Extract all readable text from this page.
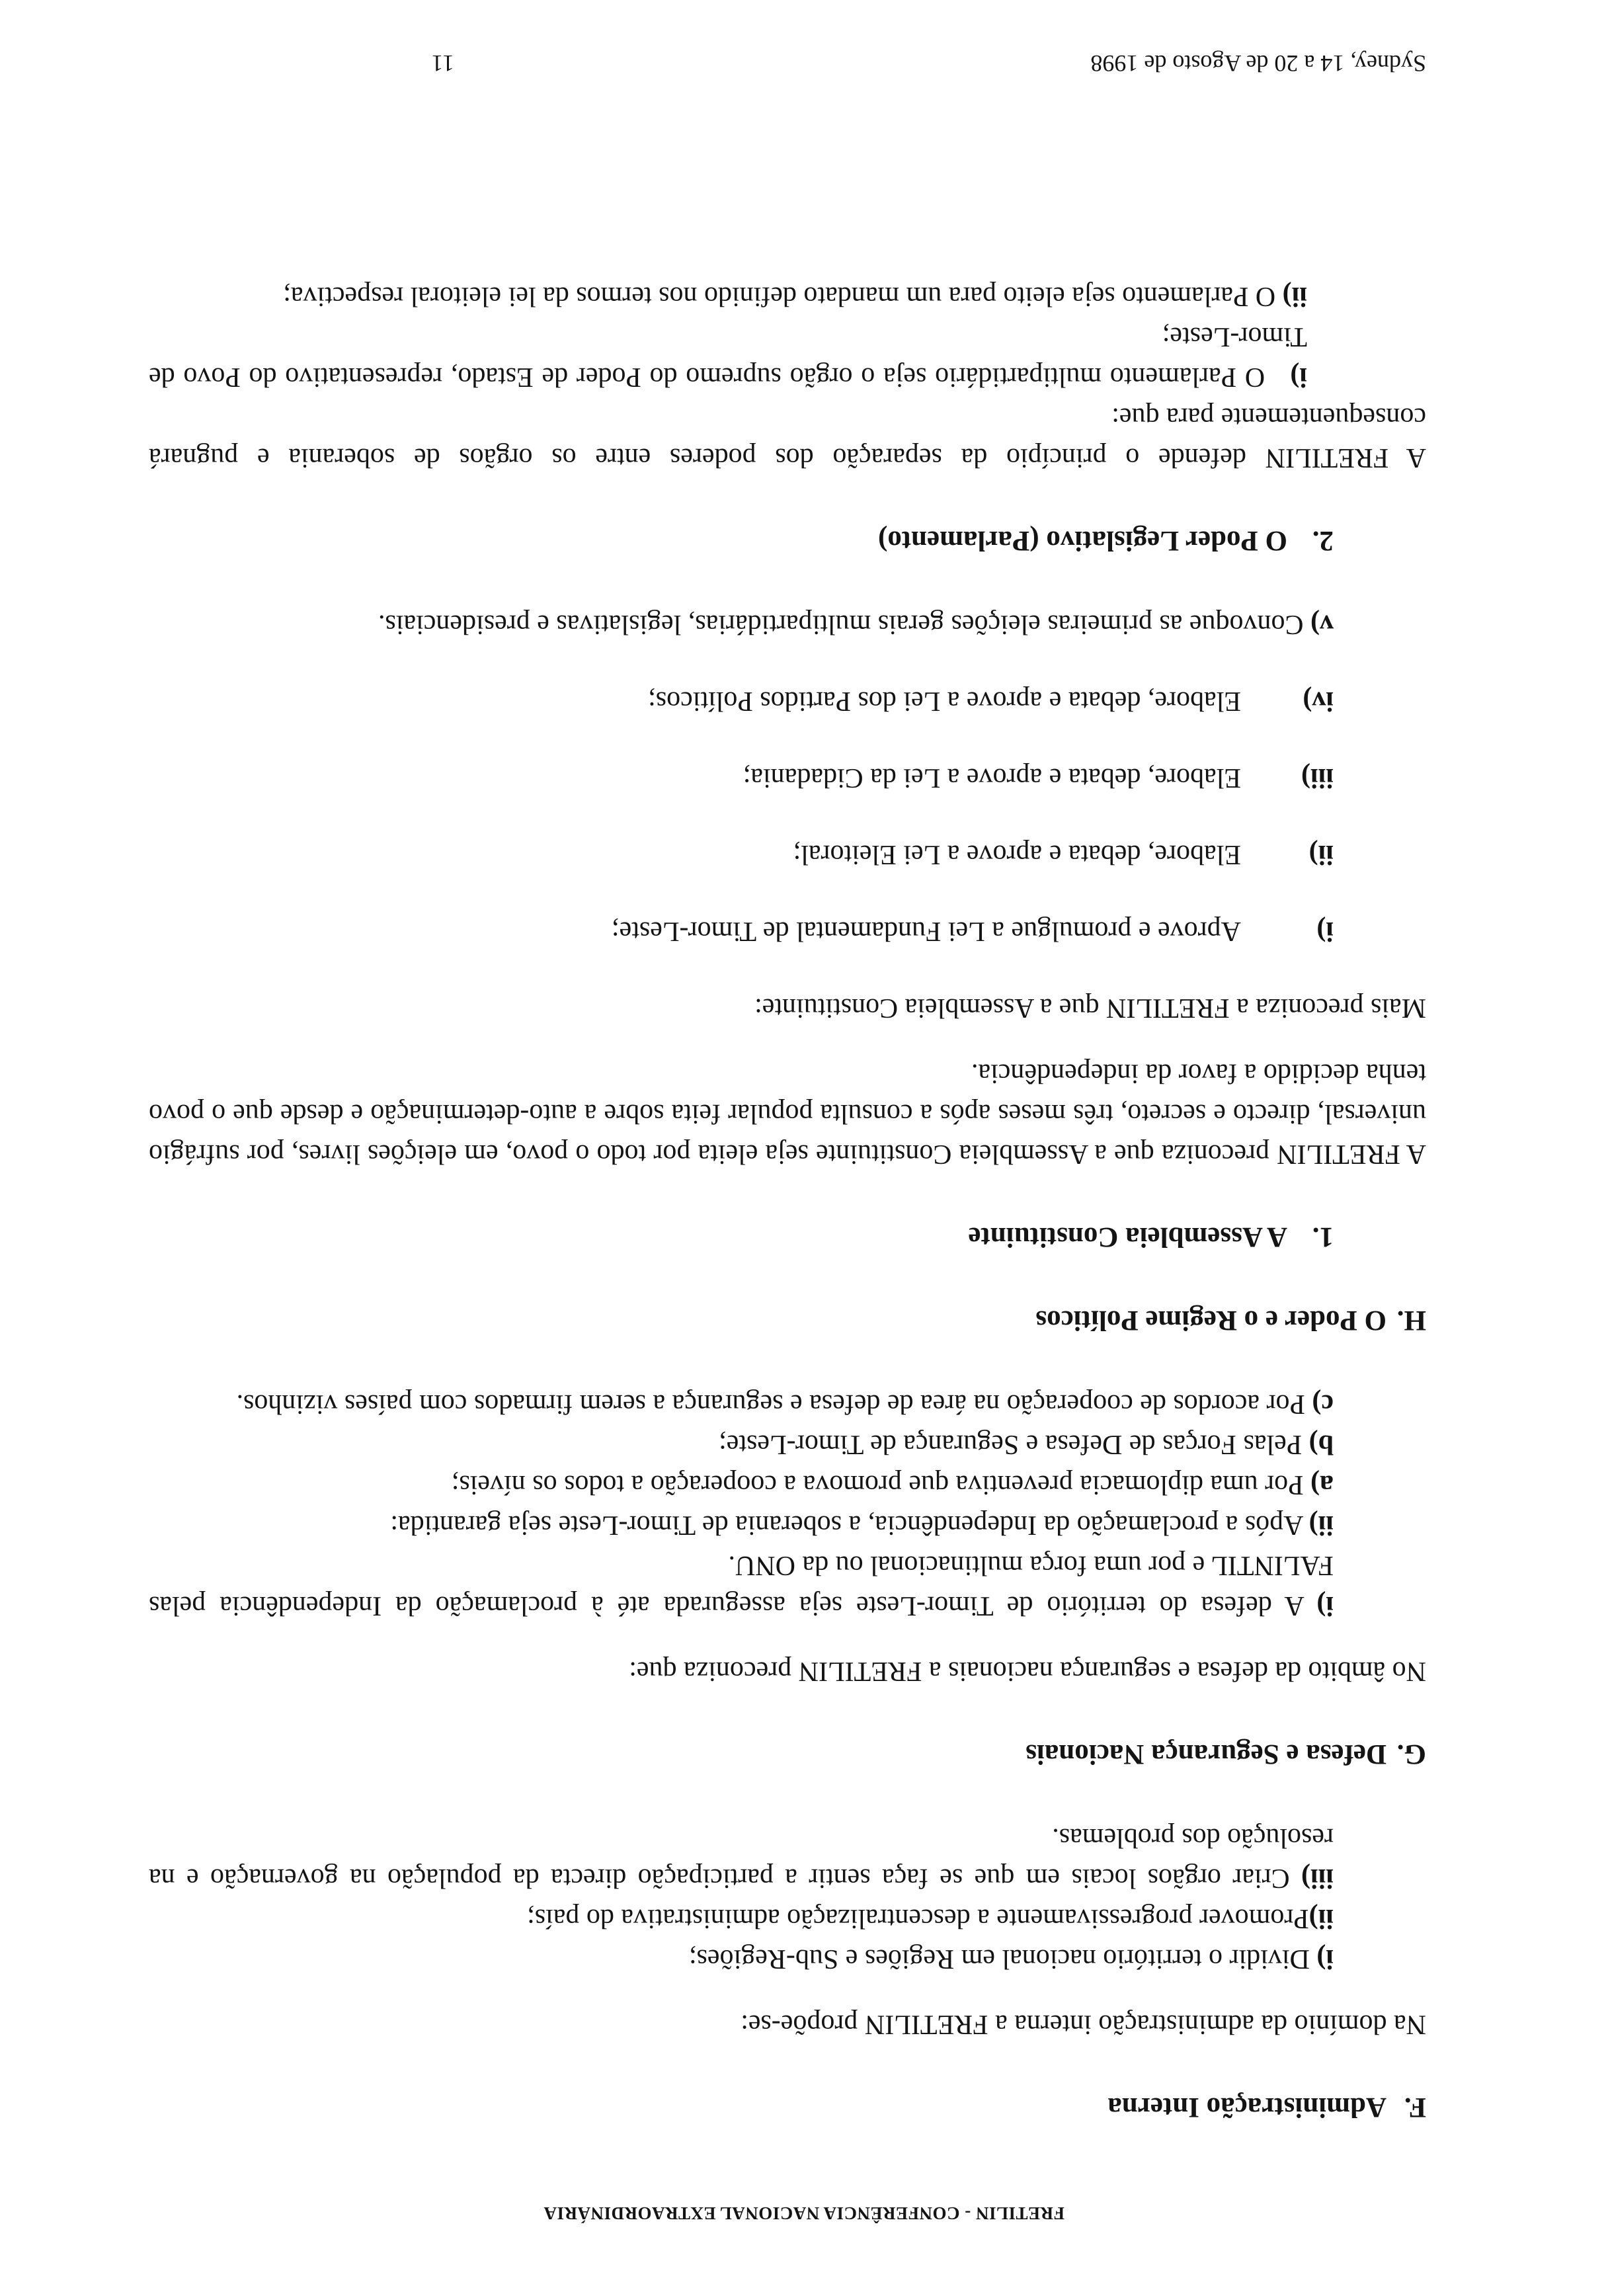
FRETILIN - CONFERÊNCIA NACIONAL EXTRAORDINÁRIA

F.Administração Interna

Na domínio da administração interna a FRETILIN propõe-se:

i) Dividir o território nacional em Regiões e Sub-Regiões;

ii)Promover progressivamente a descentralização administrativa do país;

iii) Criar orgãos locais em que se faça sentir a participação directa da população na governação e na resolução dos problemas.

G.Defesa e Segurança Nacionais

No âmbito da defesa e segurança nacionais a FRETILIN preconiza que:

i) A defesa do território de Timor-Leste seja assegurada até à proclamação da Independência pelas FALINTIL e por uma força multinacional ou da ONU.

ii) Após a proclamação da Independência, a soberania de Timor-Leste seja garantida:

a) Por uma diplomacia preventiva que promova a cooperação a todos os níveis;

b) Pelas Forças de Defesa e Segurança de Timor-Leste;

c) Por acordos de cooperação na área de defesa e segurança a serem firmados com países vizinhos.

H.O Poder e o Regime Políticos

1.A Assembleia Constituinte

A FRETILIN preconiza que a Assembleia Constituinte seja eleita por todo o povo, em eleições livres, por sufrágio universal, directo e secreto, três meses após a consulta popular feita sobre a auto-determinação e desde que o povo tenha decidido a favor da independência.

Mais preconiza a FRETILIN que a Assembleia Constituinte:

i)
Aprove e promulgue a Lei Fundamental de Timor-Leste;
ii)
Elabore, debata e aprove a Lei Eleitoral;
iii)
Elabore, debata e aprove a Lei da Cidadania;
iv)
Elabore, debata e aprove a Lei dos Partidos Políticos;

v) Convoque as primeiras eleições gerais multipartidárias, legislativas e presidenciais.

2.O Poder Legislativo (Parlamento)

A FRETILIN defende o princípio da separação dos poderes entre os orgãos de soberania e pugnará consequentemente para que:

i)   O Parlamento multipartidário seja o orgão supremo do Poder de Estado, representativo do Povo de Timor-Leste;

ii) O Parlamento seja eleito para um mandato definido nos termos da lei eleitoral respectiva;

Sydney, 14 a 20 de Agosto de 1998
11
